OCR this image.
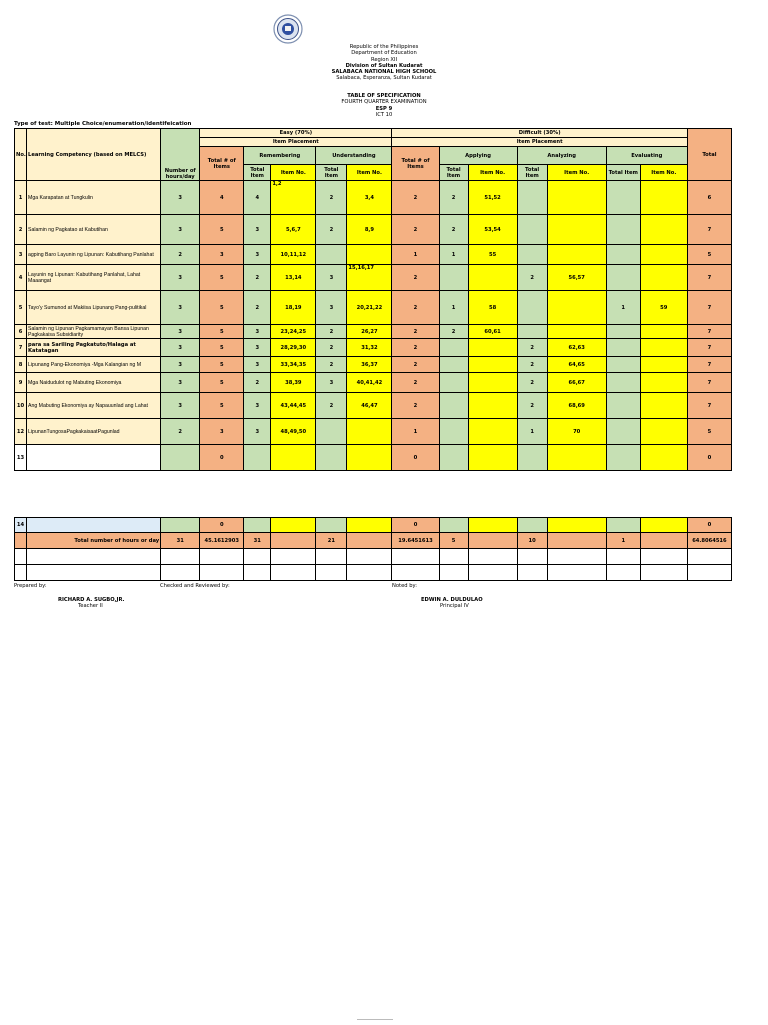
Republic of the Philippines
Department of Education
Region XII
Division of Sultan Kudarat
SALABACA NATIONAL HIGH SCHOOL
Salabaca, Esperanza, Sultan Kudarat
TABLE OF SPECIFICATION
FOURTH QUARTER EXAMINATION
ESP 9
ICT 10
Type of test: Multiple Choice/enumeration/identifeication
No.	Learning Competency (based on MELCS)	Number of hours/day	Easy (70%)					Difficult (30%)							Total
			Item Placement					Item Placement							
			Total # of Items	Remembering		Understanding		Total # of Items	Applying		Analyzing		Evaluating		
				Total Item	Item No.	Total Item	Item No.		Total Item	Item No.	Total Item	Item No.	Total Item	Item No.	
1	Mga Karapatan at Tungkulin	3	4	4	1,2	2	3,4	2	2	51,52					6
2	Salamin ng Pagkatao at Kabutihan	3	5	3	5,6,7	2	8,9	2	2	53,54					7
3	agping Baro Layunin ng Lipunan: Kabutihang Panlahat	2	3	3	10,11,12			1	1	55					5
4	Layunin ng Lipunan: Kabutihang Panlahat, Lahat Maaangat	3	5	2	13,14	3	15,16,17	2			2	56,57			7
5	Tayo'y Sumunod at Makiisa Lipunang Pang-pulitikal	3	5	2	18,19	3	20,21,22	2	1	58			1	59	7
6	Salamin ng Lipunan Pagkamamayan Bansa Lipunan Pagkakaisa Subsidiarity	3	5	3	23,24,25	2	26,27	2	2	60,61					7
7	para sa Sariling Pagkatuto/Halaga at Katatagan	3	5	3	28,29,30	2	31,32	2			2	62,63			7
8	Lipunang Pang-Ekonomiya -Mga Kalangian ng M	3	5	3	33,34,35	2	36,37	2			2	64,65			7
9	Mga Naidudulot ng Mabuting Ekonomiya	3	5	2	38,39	3	40,41,42	2			2	66,67			7
10	Ang Mabuting Ekonomiya ay Napauunlad ang Lahat	3	5	3	43,44,45	2	46,47	2			2	68,69			7
12	LipunanTungosaPagkakaisaatPagunlad	2	3	3	48,49,50			1			1	70			5
13			0					0							0
14			0					0							0
	Total number of hours or day	31	45.1612903	31		21		19.6451613	5		10		1		64.8064516

Prepared by:	Checked and Reviewed by:	Noted by:
RICHARD A. SUGBO,JR.
Teacher II
EDWIN A. DULDULAO
Principal IV
